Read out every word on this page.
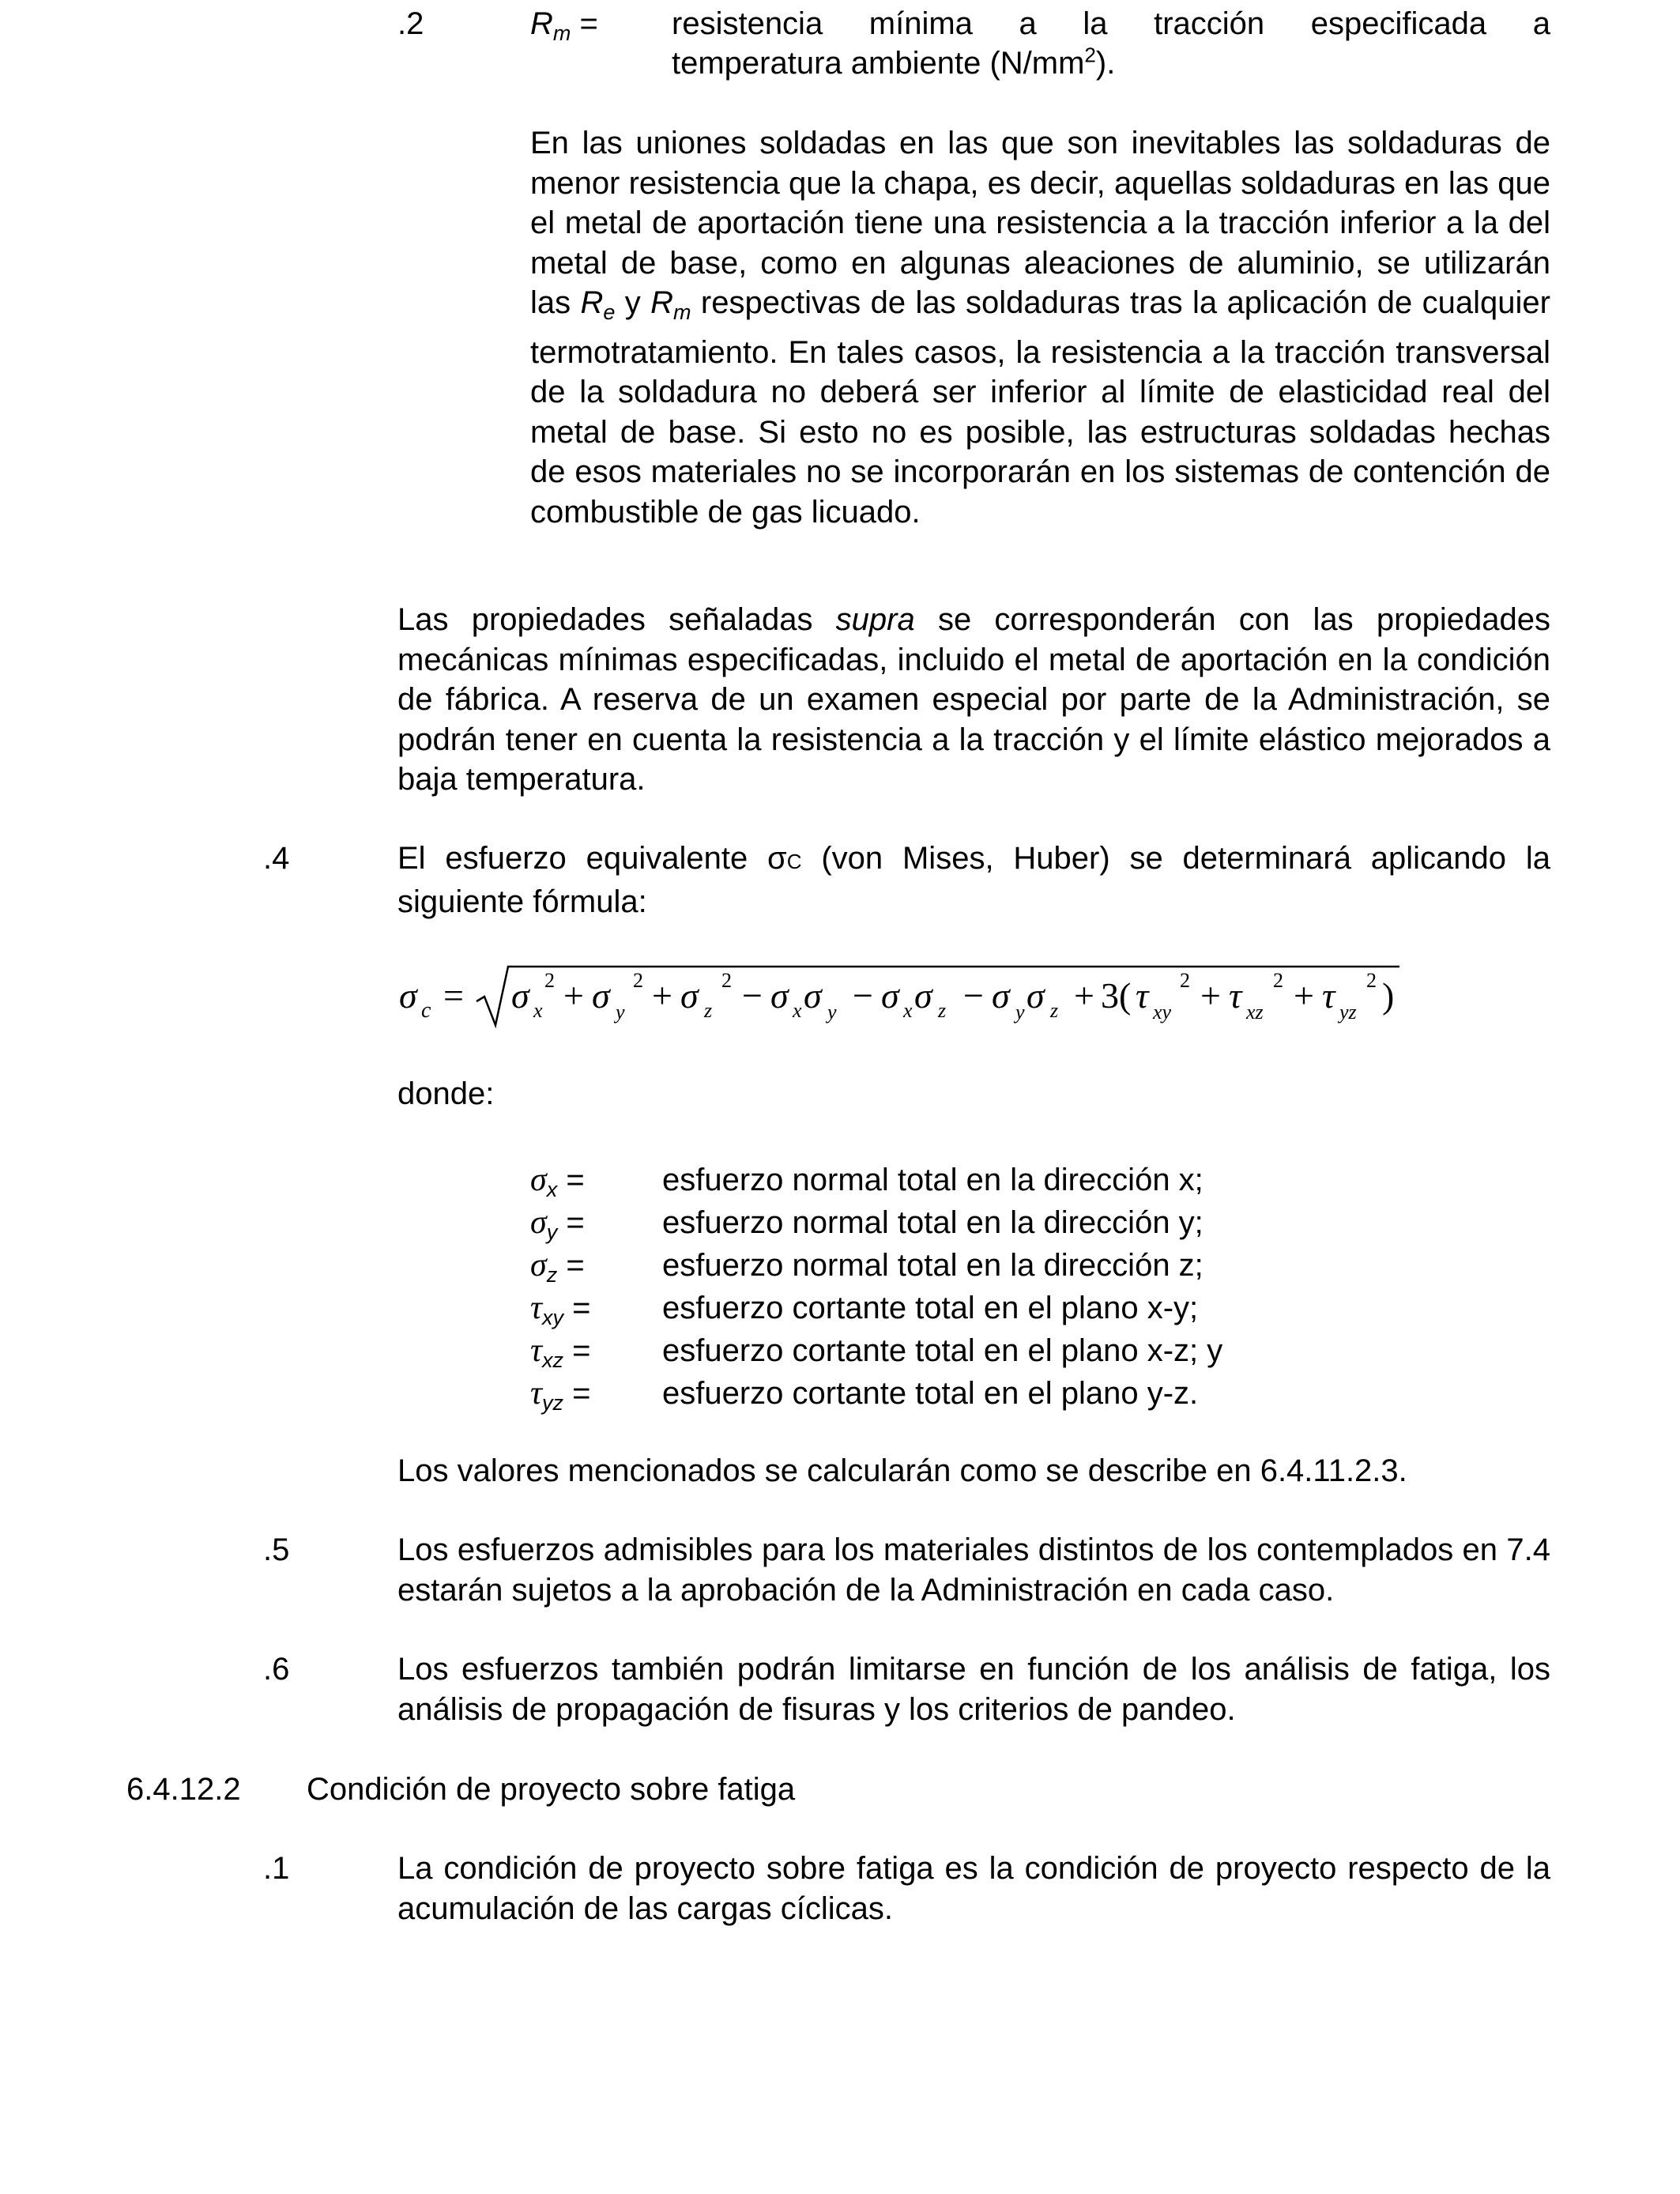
.2	$R_m$ = resistencia mínima a la tracción especificada a
temperatura ambiente $(N/mm^2)$.

En las uniones soldadas en las que son inevitables las soldaduras de menor resistencia que la chapa, es decir, aquellas soldaduras en las que el metal de aportación tiene una resistencia a la tracción inferior a la del metal de base, como en algunas aleaciones de aluminio, se utilizarán las $R_e$ y $R_m$ respectivas de las soldaduras tras la aplicación de cualquier termotratamiento. En tales casos, la resistencia a la tracción transversal de la soldadura no deberá ser inferior al límite de elasticidad real del metal de base. Si esto no es posible, las estructuras soldadas hechas de esos materiales no se incorporarán en los sistemas de contención de combustible de gas licuado.

Las propiedades señaladas supra se corresponderán con las propiedades mecánicas mínimas especificadas, incluido el metal de aportación en la condición de fábrica. A reserva de un examen especial por parte de la Administración, se podrán tener en cuenta la resistencia a la tracción y el límite elástico mejorados a baja temperatura.

.4	El esfuerzo equivalente σC (von Mises, Huber) se determinará aplicando la siguiente fórmula:

σ c = σ x
2 + σ y
2 + σ z
2 − σ x σ y − σ x σ z − σ y σ z + 3( τ xy
2 + τ xz
2 + τ yz
2 )
donde:
$\sigma_x$ = esfuerzo normal total en la dirección x;
$\sigma_y$ = esfuerzo normal total en la dirección y;
$\sigma_z$ = esfuerzo normal total en la dirección z;
$\tau_{xy}$ = esfuerzo cortante total en el plano x-y;
$\tau_{xz}$ = esfuerzo cortante total en el plano x-z; y
$\tau_{yz}$ = esfuerzo cortante total en el plano y-z.
Los valores mencionados se calcularán como se describe en 6.4.11.2.3.
.5	Los esfuerzos admisibles para los materiales distintos de los contemplados en 7.4 estarán sujetos a la aprobación de la Administración en cada caso.

.6	Los esfuerzos también podrán limitarse en función de los análisis de fatiga, los análisis de propagación de fisuras y los criterios de pandeo.

6.4.12.2 Condición de proyecto sobre fatiga
.1	La condición de proyecto sobre fatiga es la condición de proyecto respecto de la acumulación de las cargas cíclicas.
